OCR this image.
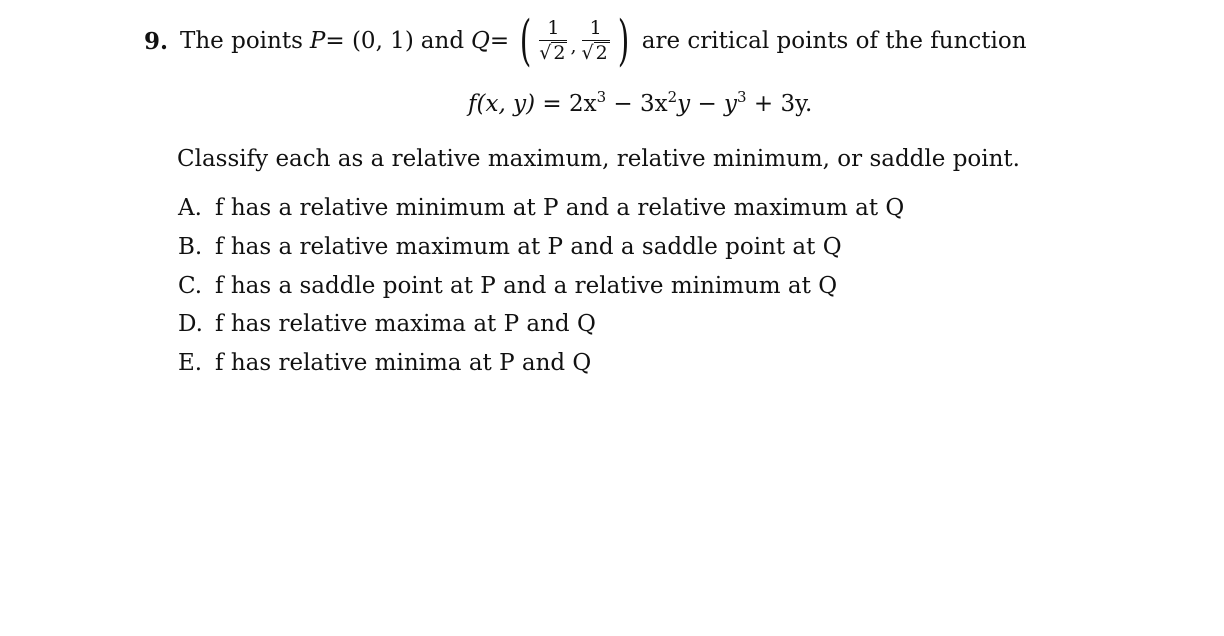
9. The points P = (0, 1) and Q = ( $\frac{1}{√ 2}$ , $\frac{1}{√ 2}$ ) are critical points of the function
f(x, $y) = 2x^3 - 3x^2y - y^3 + 3y$.
Classify each as a relative maximum, relative minimum, or saddle point.
A. f has a relative minimum at P and a relative maximum at Q
B. f has a relative maximum at P and a saddle point at Q
C. f has a saddle point at P and a relative minimum at Q
D. f has relative maxima at P and Q
E. f has relative minima at P and Q
